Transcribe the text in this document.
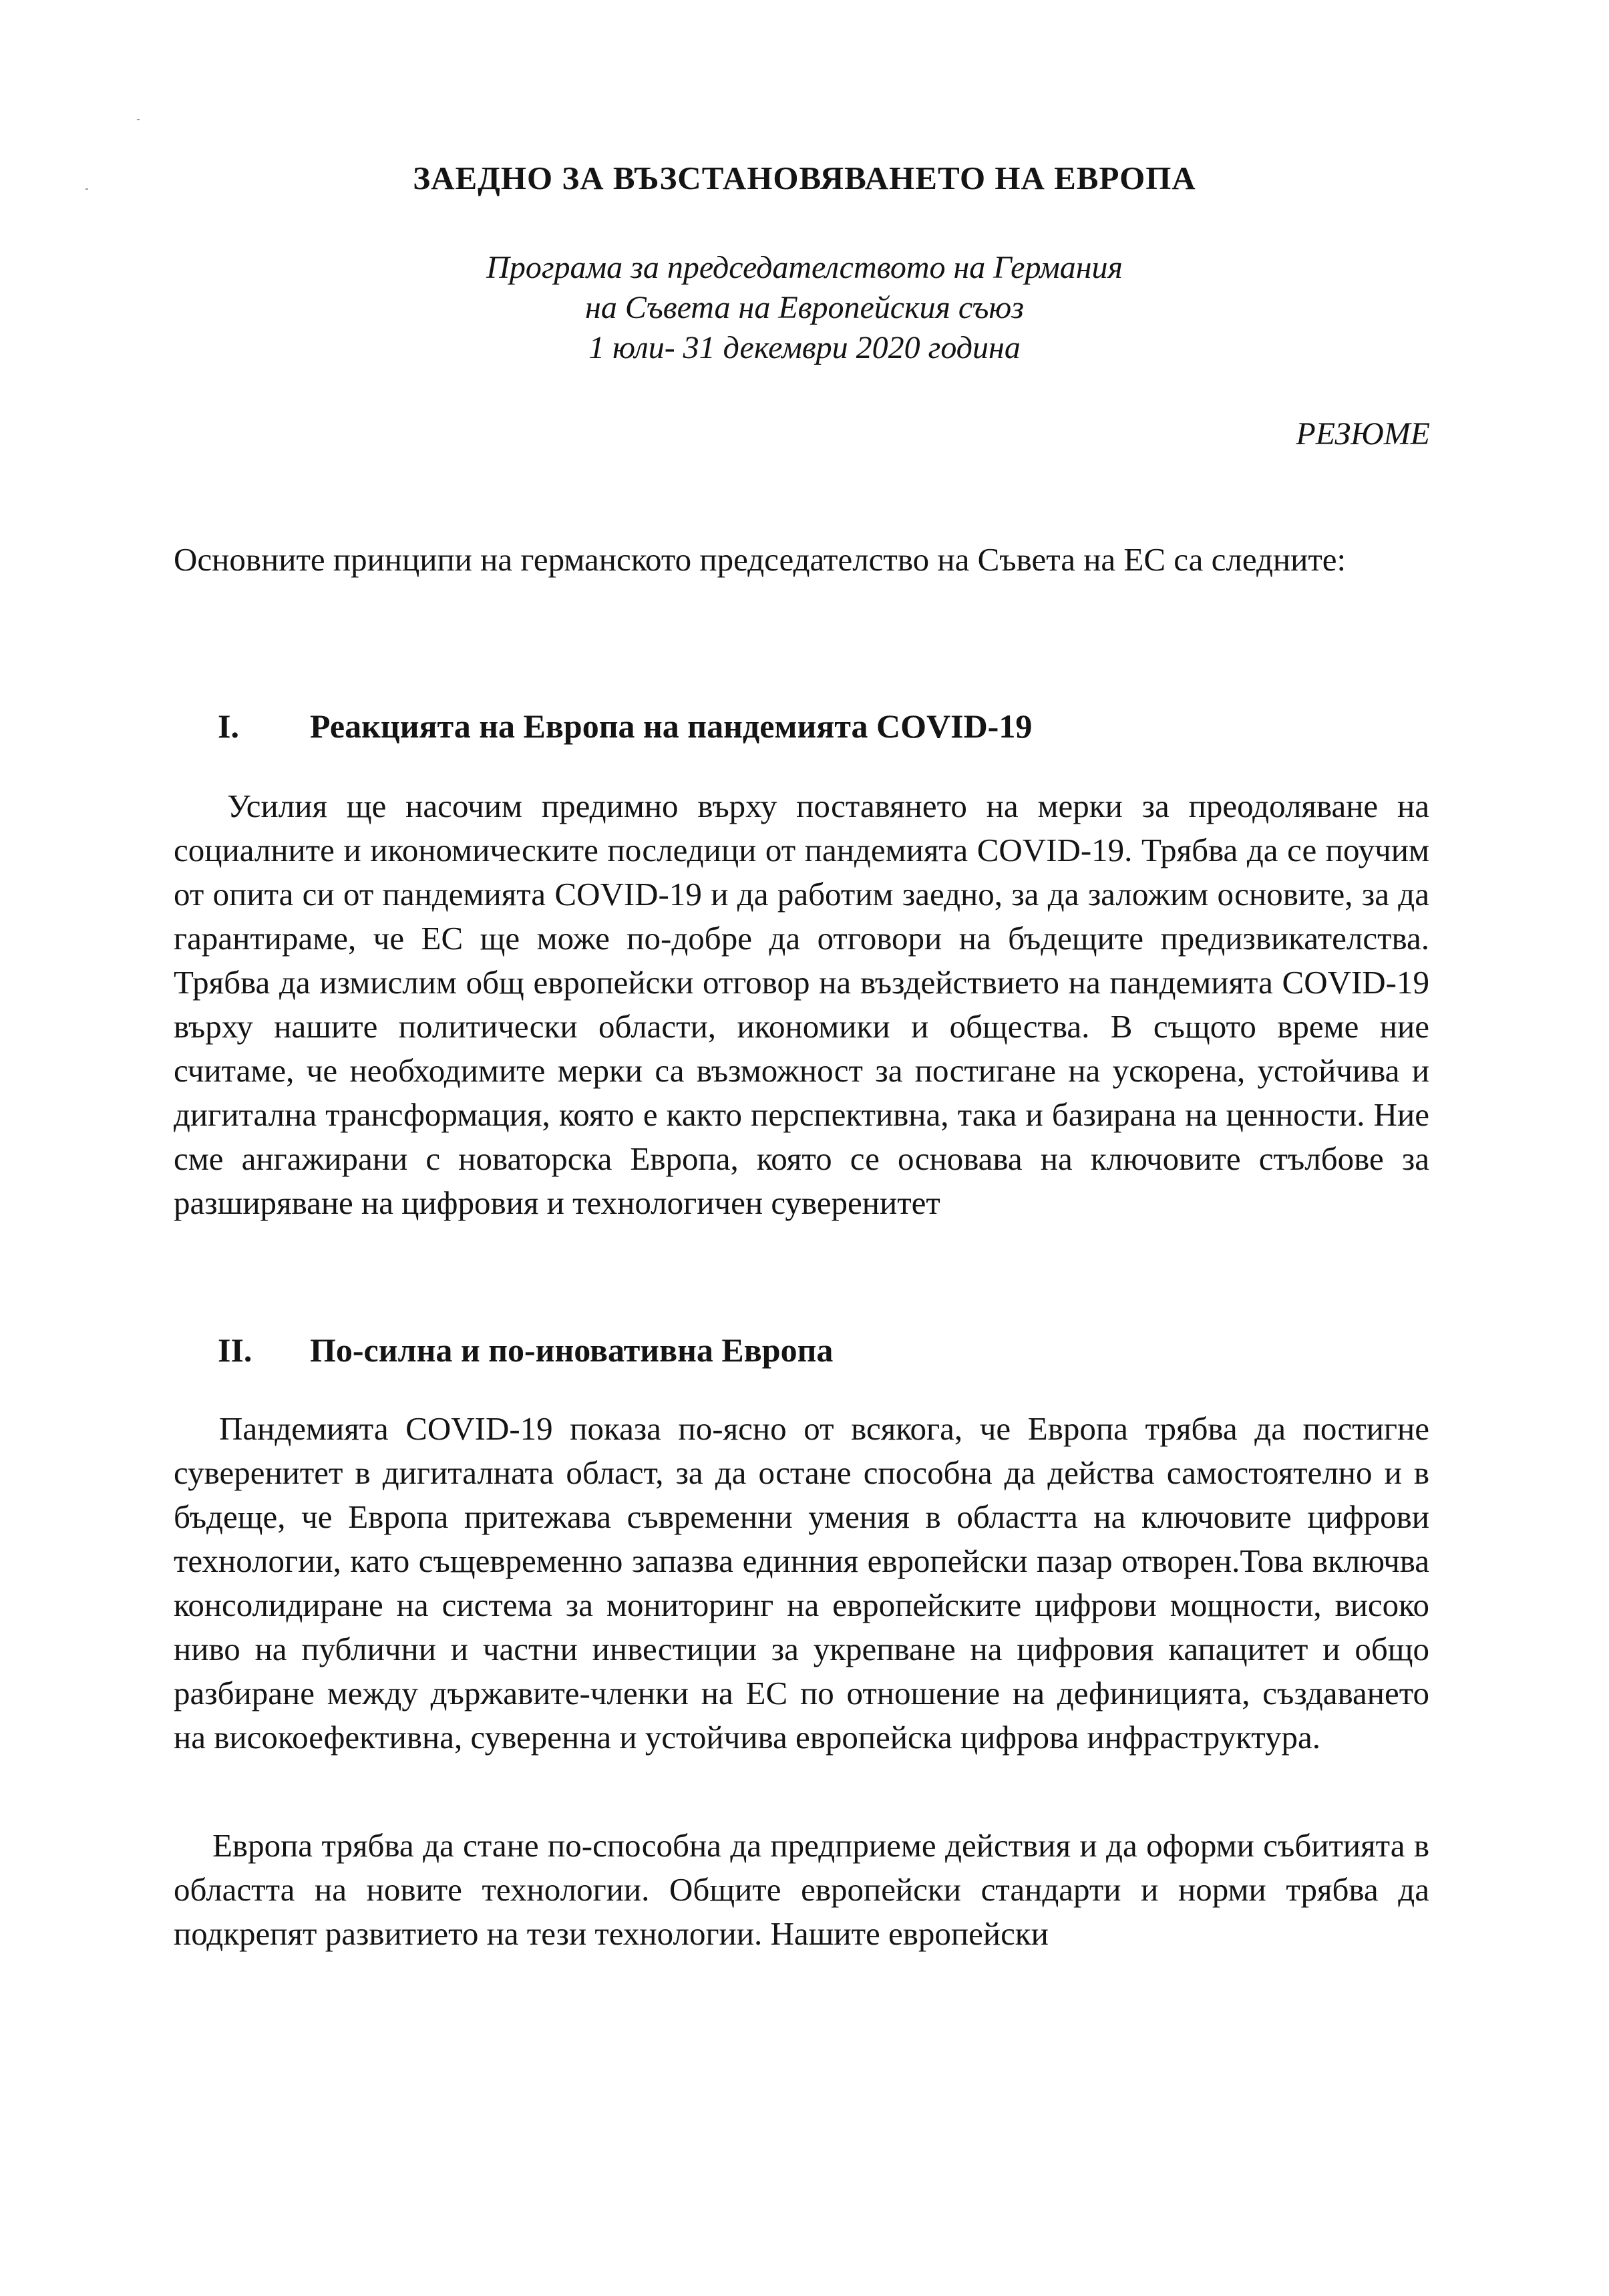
ЗАЕДНО ЗА ВЪЗСТАНОВЯВАНЕТО НА ЕВРОПА
Програма за председателството на Германия
на Съвета на Европейския съюз
1 юли- 31 декември 2020 година
РЕЗЮМЕ

Основните принципи на германското председателство на Съвета на ЕС са следните:

I. Реакцията на Европа на пандемията COVID-19

Усилия ще насочим предимно върху поставянето на мерки за преодоляване на социалните и икономическите последици от пандемията COVID-19. Трябва да се поучим от опита си от пандемията COVID-19 и да работим заедно, за да заложим основите, за да гарантираме, че ЕС ще може по-добре да отговори на бъдещите предизвикателства. Трябва да измислим общ европейски отговор на въздействието на пандемията COVID-19 върху нашите политически области, икономики и общества. В същото време ние считаме, че необходимите мерки са възможност за постигане на ускорена, устойчива и дигитална трансформация, която е както перспективна, така и базирана на ценности. Ние сме ангажирани с новаторска Европа, която се основава на ключовите стълбове за разширяване на цифровия и технологичен суверенитет

II. По-силна и по-иновативна Европа

Пандемията COVID-19 показа по-ясно от всякога, че Европа трябва да постигне суверенитет в дигиталната област, за да остане способна да действа самостоятелно и в бъдеще, че Европа притежава съвременни умения в областта на ключовите цифрови технологии, като същевременно запазва единния европейски пазар отворен.Това включва консолидиране на система за мониторинг на европейските цифрови мощности, високо ниво на публични и частни инвестиции за укрепване на цифровия капацитет и общо разбиране между държавите-членки на ЕС по отношение на дефиницията, създаването на високоефективна, суверенна и устойчива европейска цифрова инфраструктура.

Европа трябва да стане по-способна да предприеме действия и да оформи събитията в областта на новите технологии. Общите европейски стандарти и норми трябва да подкрепят развитието на тези технологии. Нашите европейски
